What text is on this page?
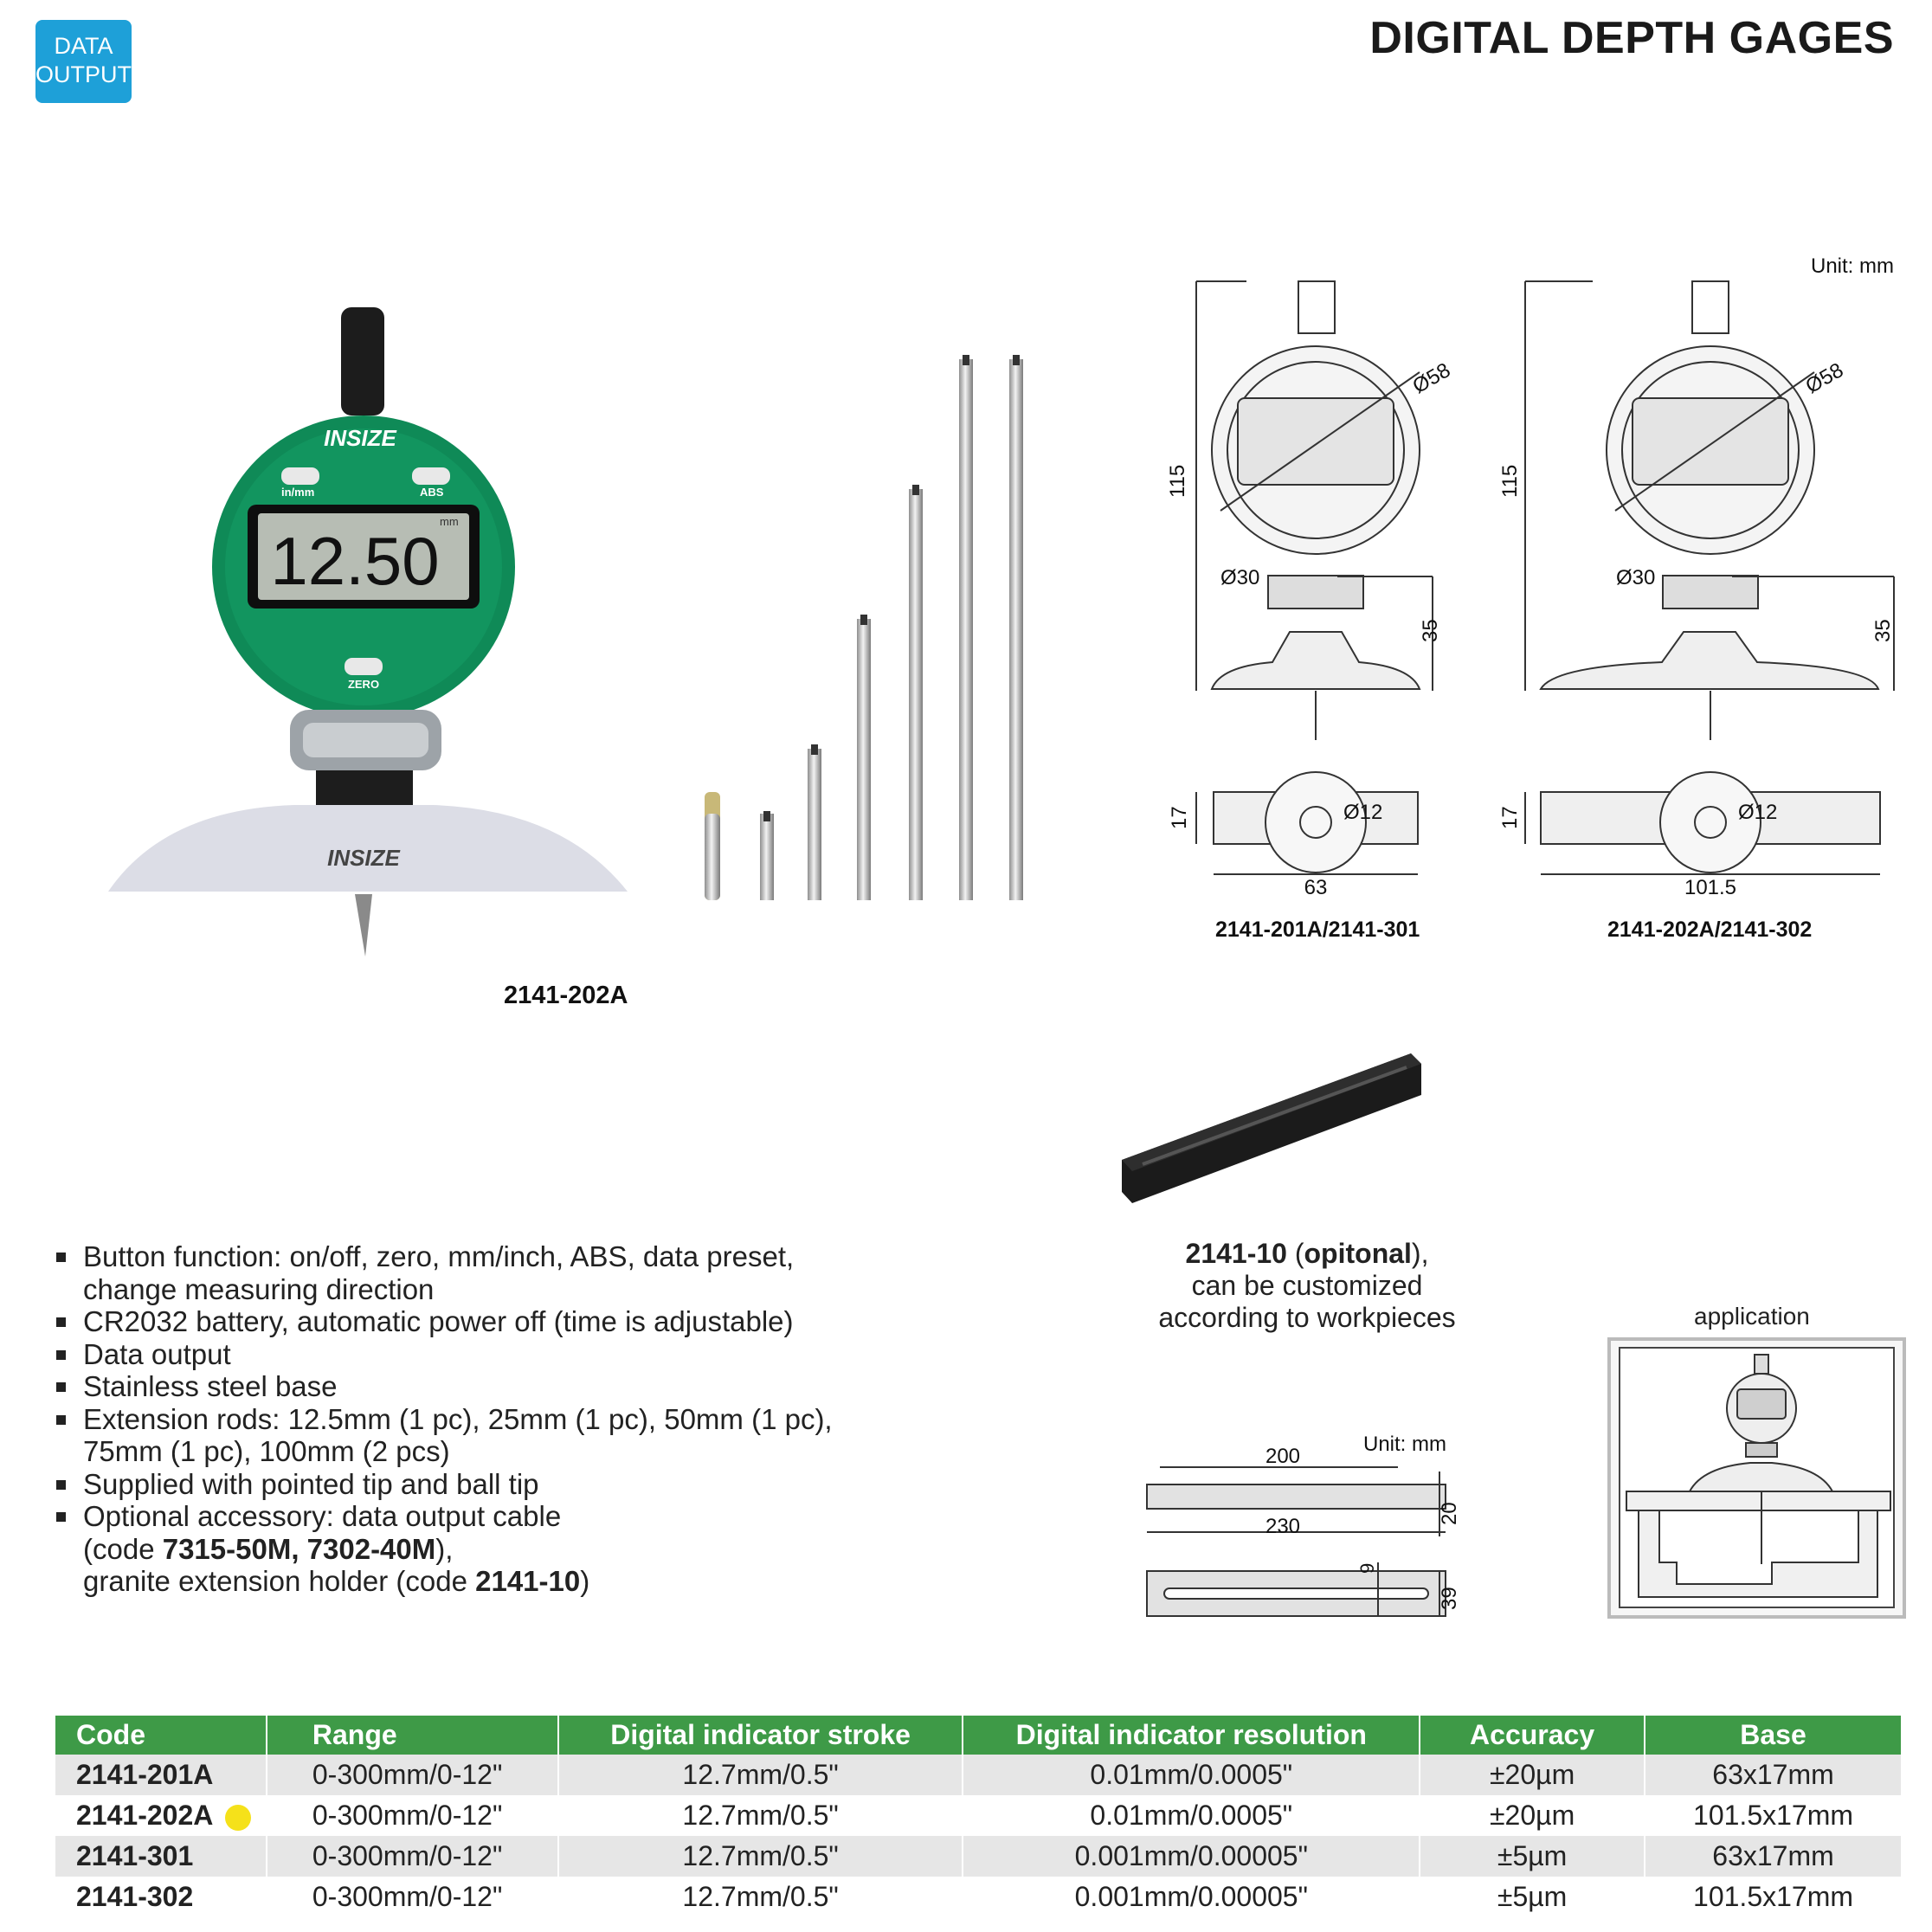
DATA
OUTPUT
DIGITAL DEPTH GAGES
12.50
mm
INSIZE
in/mm	ABS
ZERO
INSIZE
2141-202A
Unit: mm
115
Ø58
Ø30
35
17	Ø12
63
2141-201A/2141-301
115
Ø58
Ø30
35
17	Ø12
101.5
2141-202A/2141-302
2141-10 (opitonal),
can be customized
according to workpieces
Unit: mm
200
230
20
9
39
application
Button function: on/off, zero, mm/inch, ABS, data preset, change measuring direction
CR2032 battery, automatic power off (time is adjustable)
Data output
Stainless steel base
Extension rods: 12.5mm (1 pc), 25mm (1 pc), 50mm (1 pc), 75mm (1 pc), 100mm (2 pcs)
Supplied with pointed tip and ball tip
Optional accessory: data output cable
(code 7315-50M, 7302-40M),
granite extension holder (code 2141-10)
Code	Range	Digital indicator stroke	Digital indicator resolution	Accuracy	Base
2141-201A	0-300mm/0-12"	12.7mm/0.5"	0.01mm/0.0005"	±20µm	63x17mm
2141-202A	0-300mm/0-12"	12.7mm/0.5"	0.01mm/0.0005"	±20µm	101.5x17mm
2141-301	0-300mm/0-12"	12.7mm/0.5"	0.001mm/0.00005"	±5µm	63x17mm
2141-302	0-300mm/0-12"	12.7mm/0.5"	0.001mm/0.00005"	±5µm	101.5x17mm
